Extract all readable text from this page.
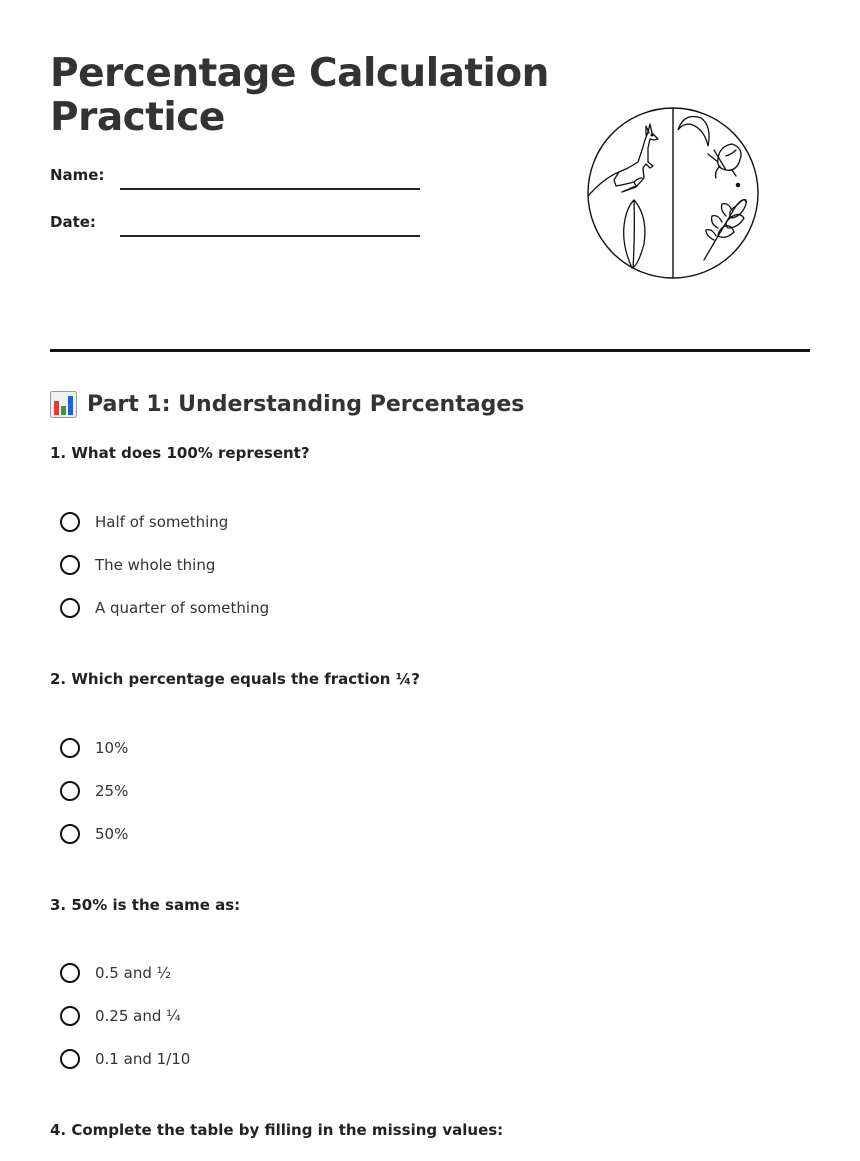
Percentage Calculation Practice
Name:
Date:
Part 1: Understanding Percentages
1. What does 100% represent?
Half of something
The whole thing
A quarter of something
2. Which percentage equals the fraction ¼?
10%
25%
50%
3. 50% is the same as:
0.5 and ½
0.25 and ¼
0.1 and 1/10
4. Complete the table by filling in the missing values:
